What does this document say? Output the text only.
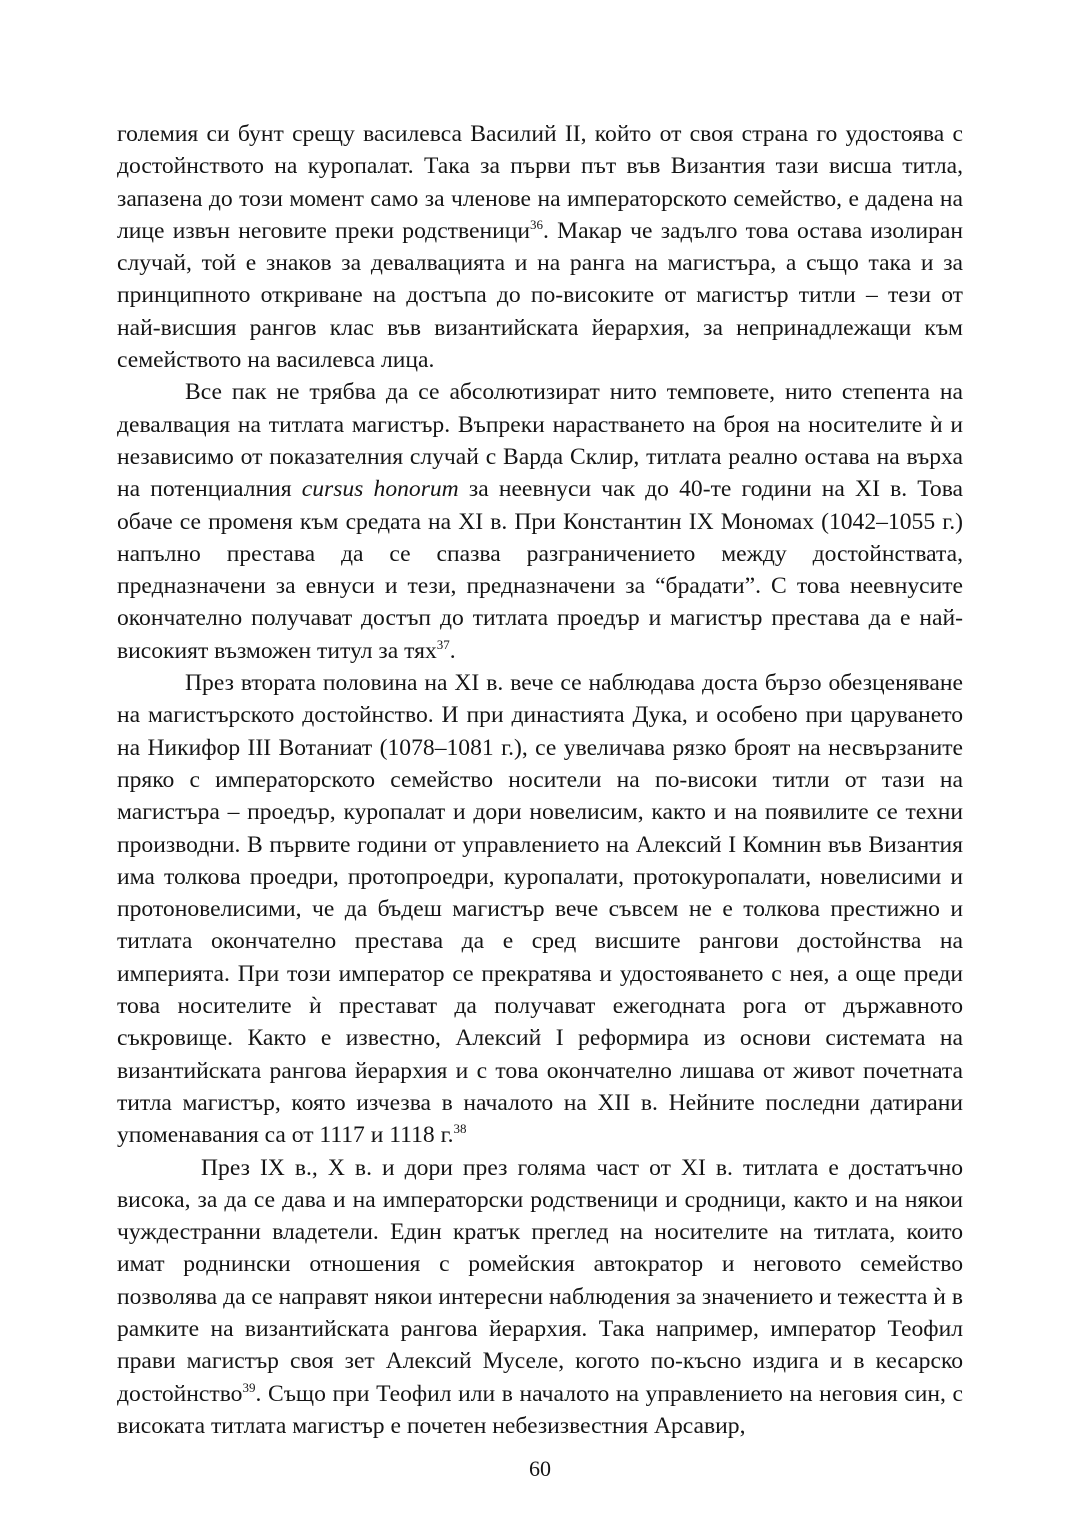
големия си бунт срещу василевса Василий II, който от своя страна го удостоява с достойнството на куропалат. Така за първи път във Византия тази висша титла, запазена до този момент само за членове на императорското семейство, е дадена на лице извън неговите преки родственици$^{36}$. Макар че задълго това остава изолиран случай, той е знаков за девалвацията и на ранга на магистъра, а също така и за принципното откриване на достъпа до по-високите от магистър титли – тези от най-висшия рангов клас във византийската йерархия, за непринадлежащи към семейството на василевса лица.

Все пак не трябва да се абсолютизират нито темповете, нито степента на девалвация на титлата магистър. Въпреки нарастването на броя на носителите ѝ и независимо от показателния случай с Варда Склир, титлата реално остава на върха на потенциалния cursus honorum за неевнуси чак до 40-те години на XI в. Това обаче се променя към средата на XI в. При Константин IX Мономах (1042–1055 г.) напълно престава да се спазва разграничението между достойнствата, предназначени за евнуси и тези, предназначени за “брадати”. С това неевнусите окончателно получават достъп до титлата проедър и магистър престава да е най-високият възможен титул за тях$^{37}$.

През втората половина на XI в. вече се наблюдава доста бързо обезценяване на магистърското достойнство. И при династията Дука, и особено при царуването на Никифор III Вотаниат (1078–1081 г.), се увеличава рязко броят на несвързаните пряко с императорското семейство носители на по-високи титли от тази на магистъра – проедър, куропалат и дори новелисим, както и на появилите се техни производни. В първите години от управлението на Алексий I Комнин във Византия има толкова проедри, протопроедри, куропалати, протокуропалати, новелисими и протоновелисими, че да бъдеш магистър вече съвсем не е толкова престижно и титлата окончателно престава да е сред висшите рангови достойнства на империята. При този император се прекратява и удостояването с нея, а още преди това носителите ѝ престават да получават ежегодната рога от държавното съкровище. Както е известно, Алексий I реформира из основи системата на византийската рангова йерархия и с това окончателно лишава от живот почетната титла магистър, която изчезва в началото на XII в. Нейните последни датирани упоменавания са от 1117 и 1118 г.$^{38}$

През IX в., X в. и дори през голяма част от XI в. титлата е достатъчно висока, за да се дава и на императорски родственици и сродници, както и на някои чуждестранни владетели. Един кратък преглед на носителите на титлата, които имат роднински отношения с ромейския автократор и неговото семейство позволява да се направят някои интересни наблюдения за значението и тежестта ѝ в рамките на византийската рангова йерархия. Така например, император Теофил прави магистър своя зет Алексий Муселе, когото по-късно издига и в кесарско достойнство$^{39}$. Също при Теофил или в началото на управлението на неговия син, с високата титлата магистър е почетен небезизвестния Арсавир,

60
